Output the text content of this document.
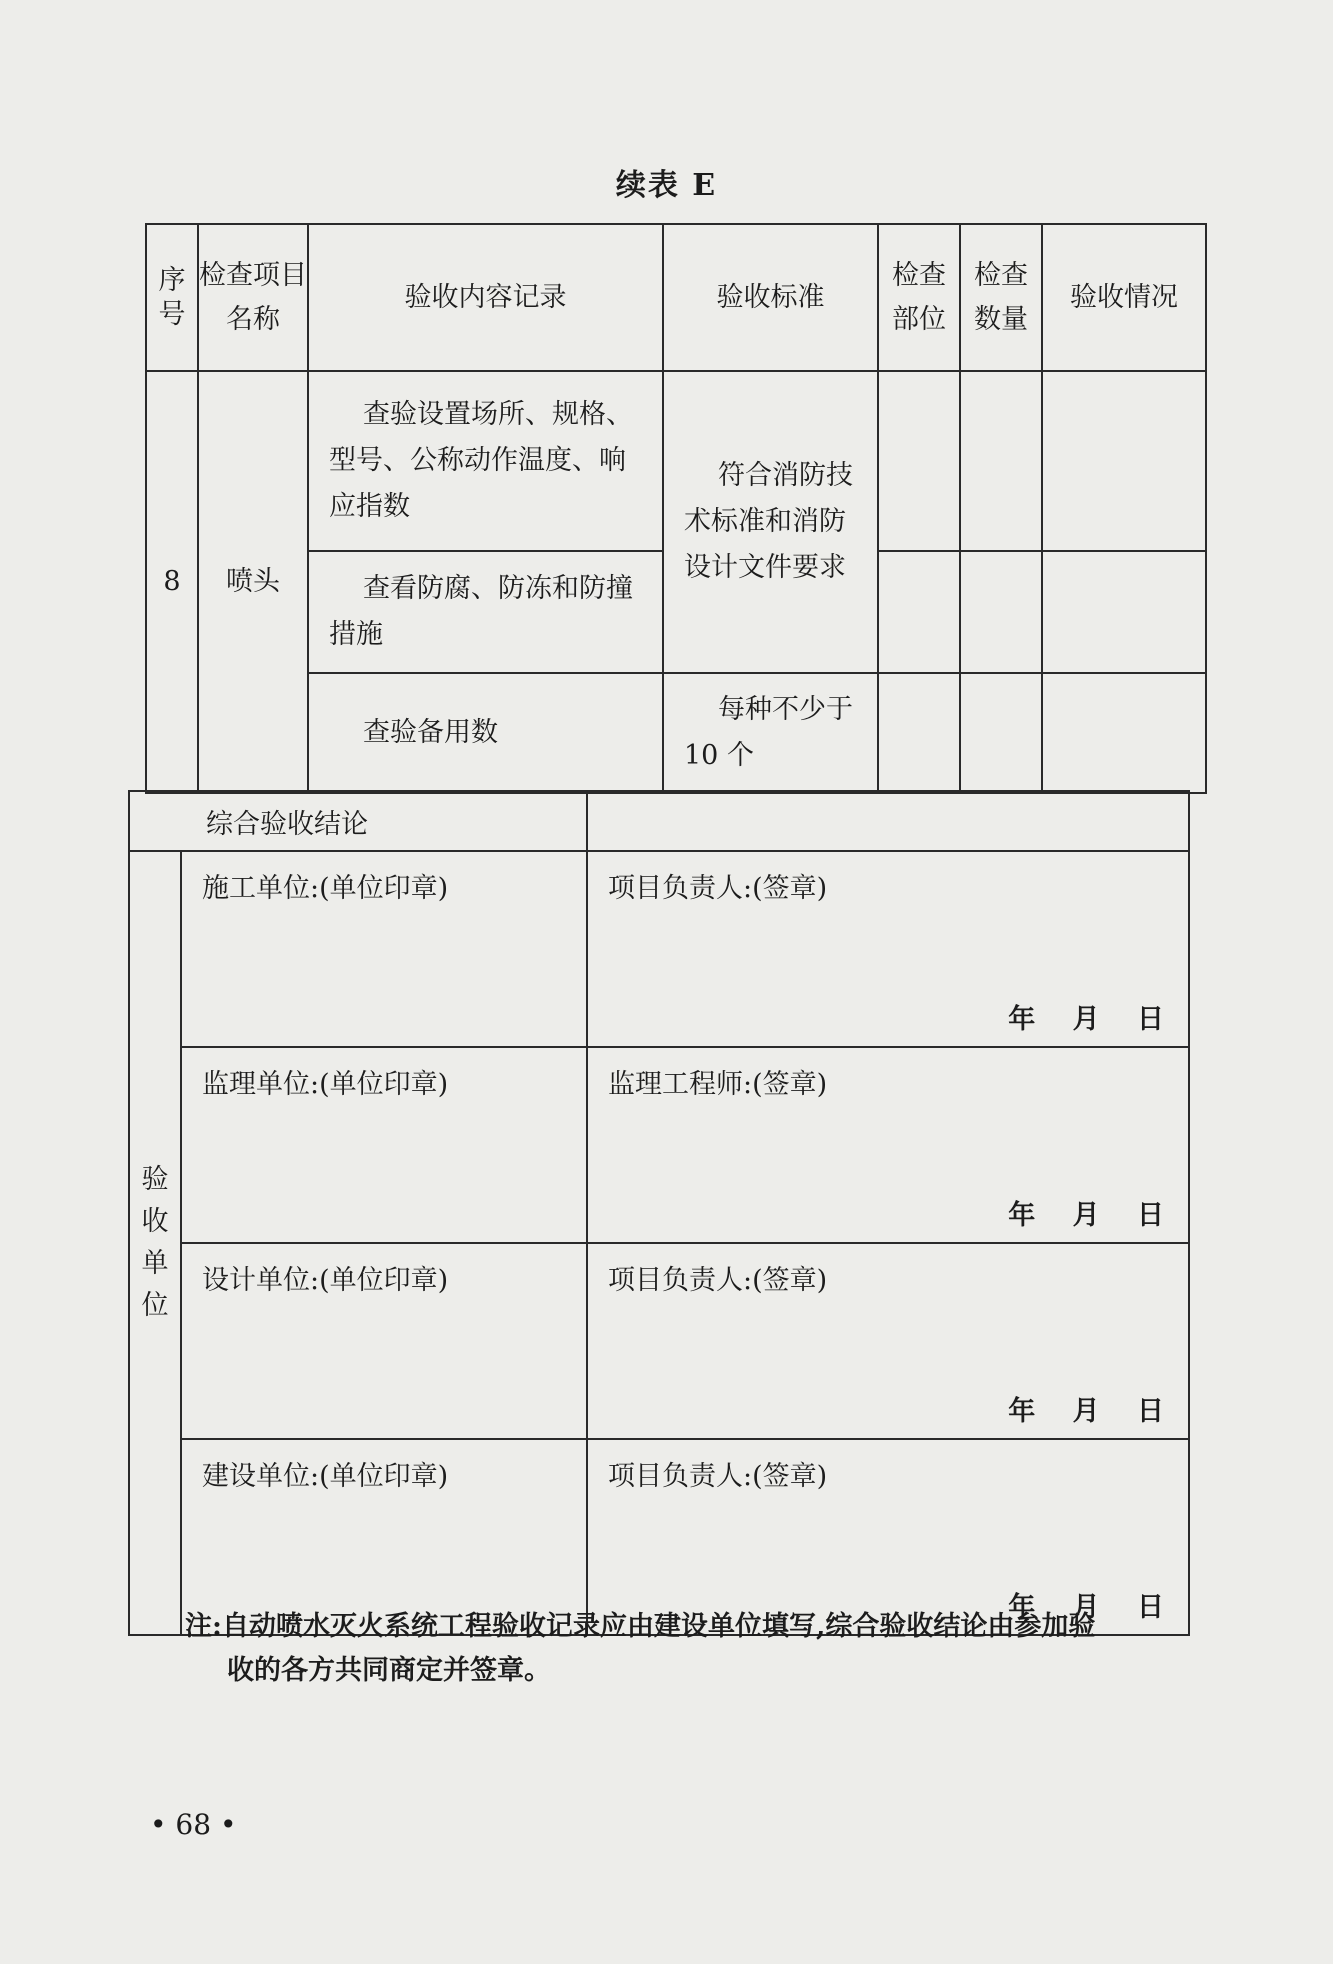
续表 E
序
号	检查项目名称	验收内容记录	验收标准	检查部位	检查数量	验收情况
8	喷头	查验设置场所、规格、型号、公称动作温度、响应指数	符合消防技术标准和消防设计文件要求			
		查看防腐、防冻和防撞措施				
		查验备用数	每种不少于10 个			
综合验收结论		
验
收
单
位	施工单位:(单位印章)	项目负责人:(签章)
年 月 日

	监理单位:(单位印章)	监理工程师:(签章)
年 月 日

	设计单位:(单位印章)	项目负责人:(签章)
年 月 日

	建设单位:(单位印章)	项目负责人:(签章)
年 月 日
注:自动喷水灭火系统工程验收记录应由建设单位填写,综合验收结论由参加验
收的各方共同商定并签章。
• 68 •
